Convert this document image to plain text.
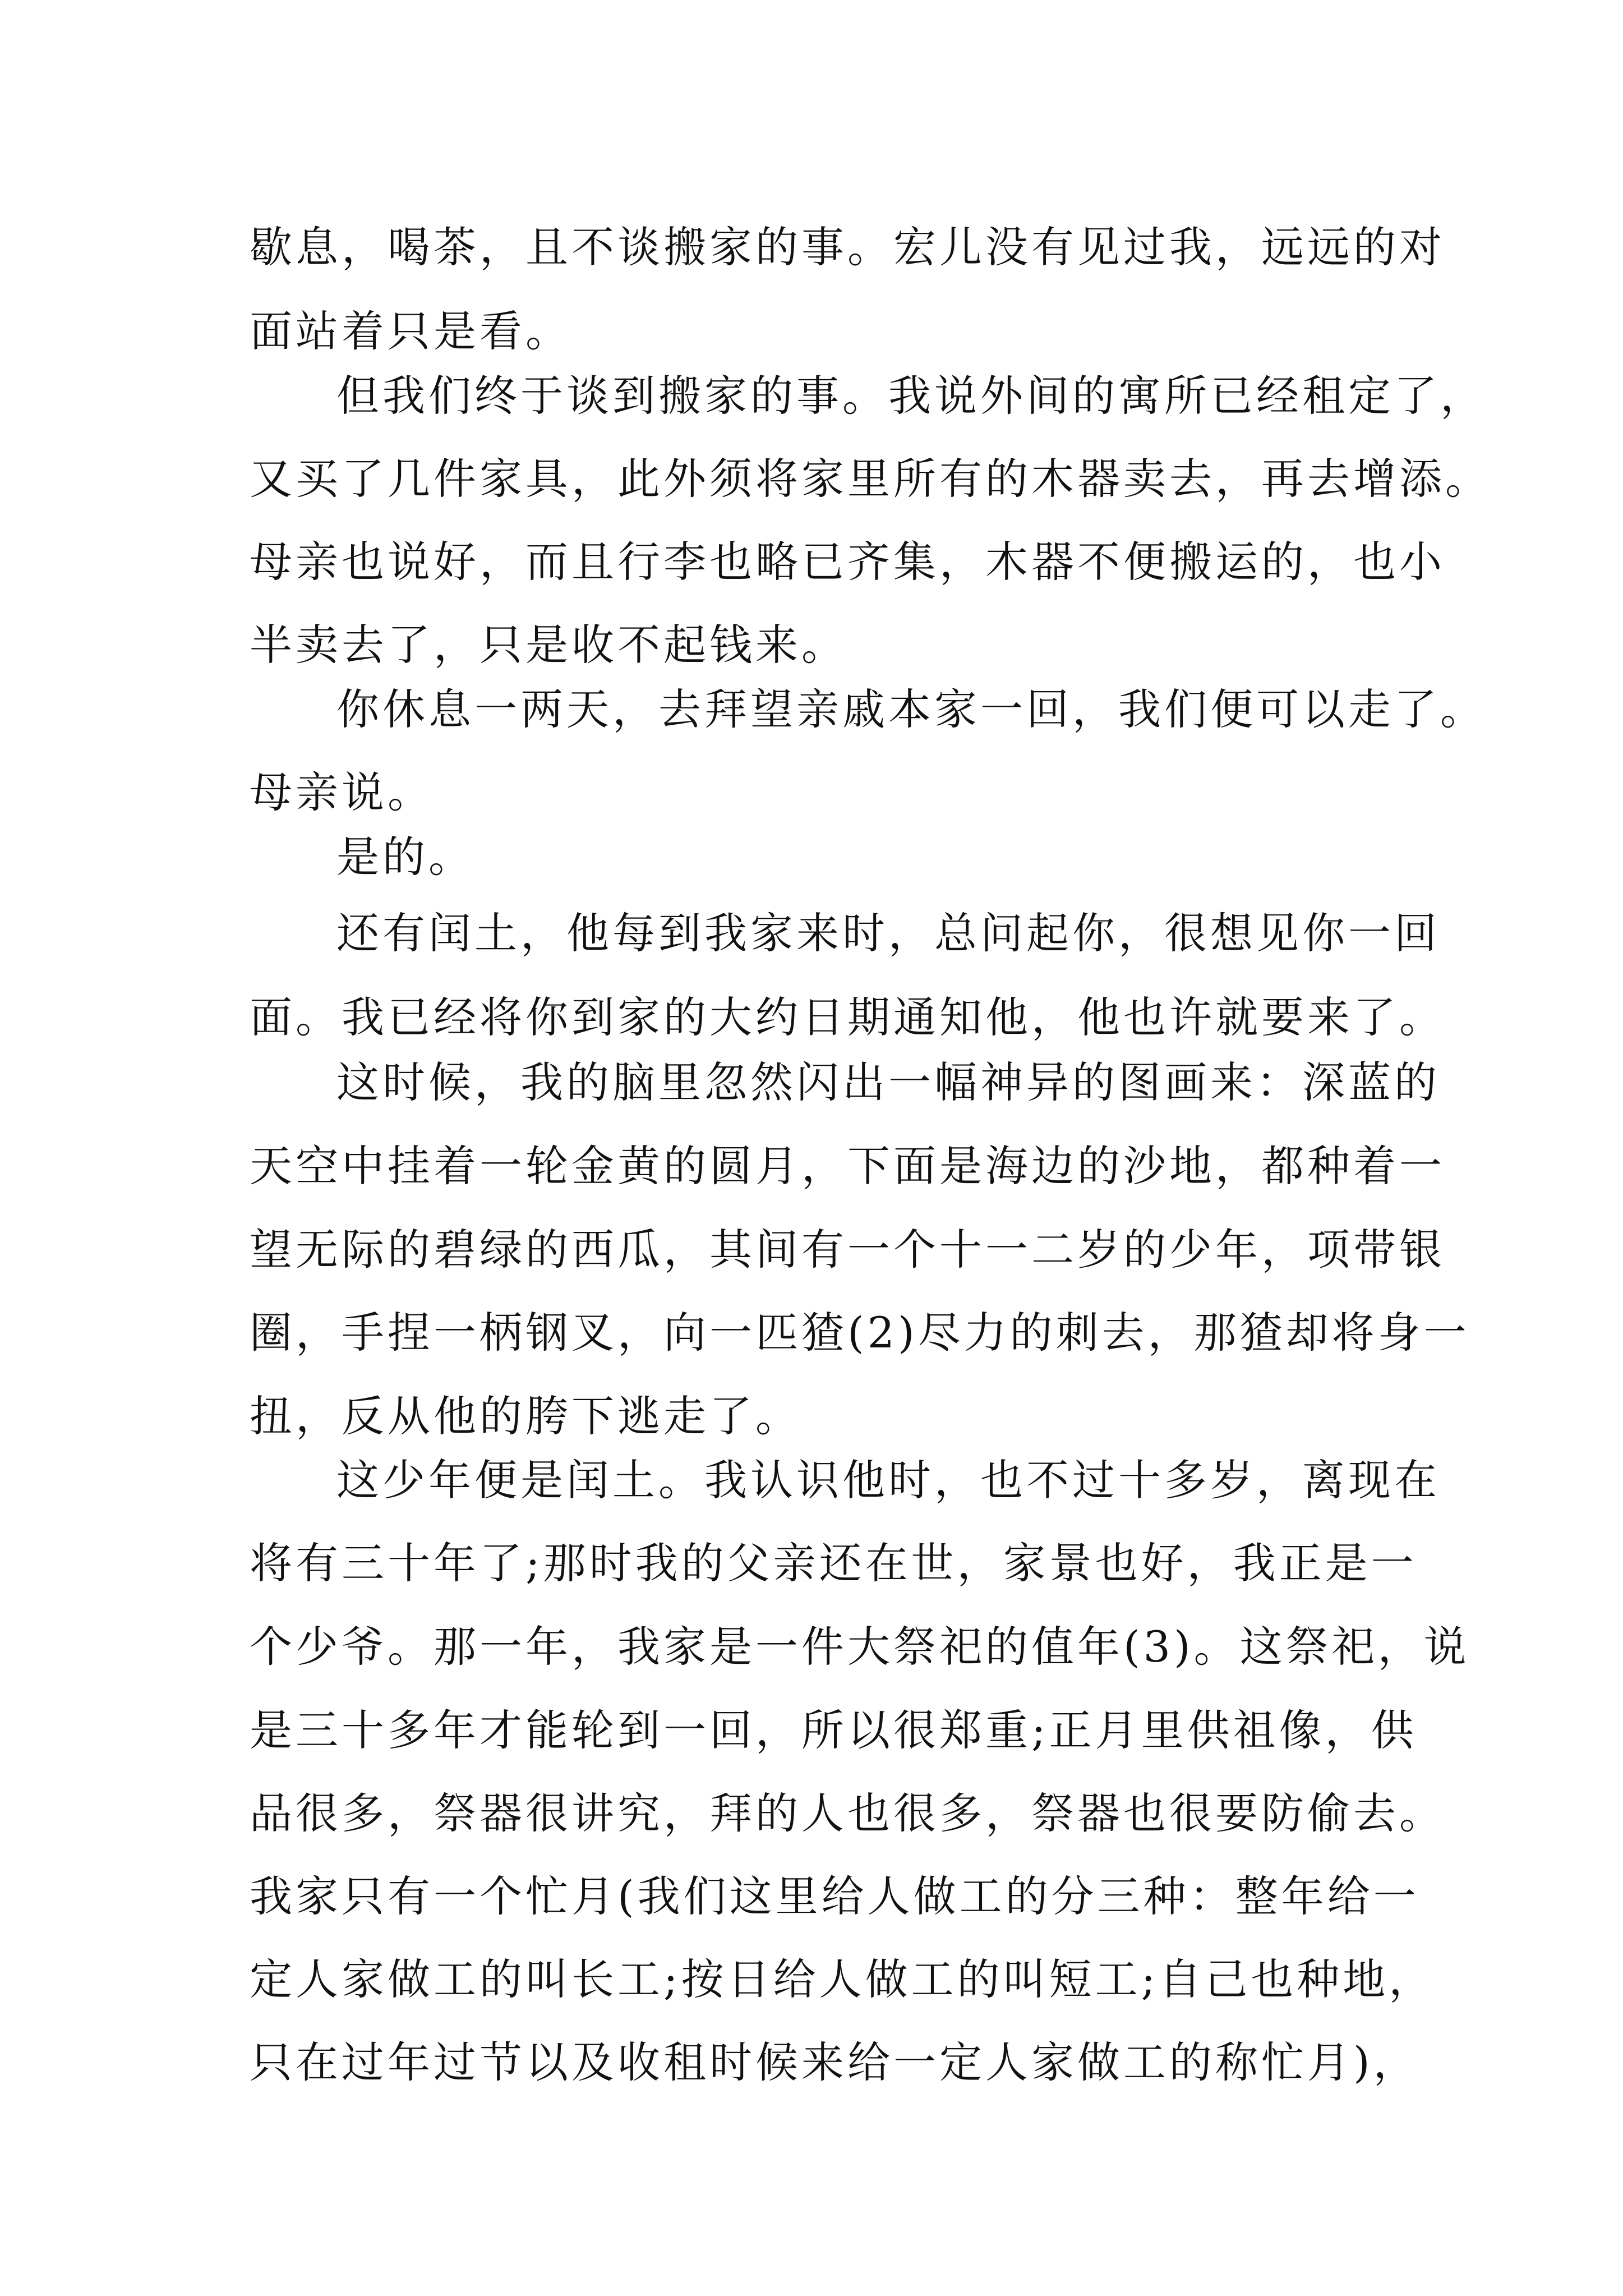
歇息，喝茶，且不谈搬家的事。宏儿没有见过我，远远的对
面站着只是看。
但我们终于谈到搬家的事。我说外间的寓所已经租定了，
又买了几件家具，此外须将家里所有的木器卖去，再去增添。
母亲也说好，而且行李也略已齐集，木器不便搬运的，也小
半卖去了，只是收不起钱来。
你休息一两天，去拜望亲戚本家一回，我们便可以走了。
母亲说。
是的。
还有闰土，他每到我家来时，总问起你，很想见你一回
面。我已经将你到家的大约日期通知他，他也许就要来了。
这时候，我的脑里忽然闪出一幅神异的图画来：深蓝的
天空中挂着一轮金黄的圆月，下面是海边的沙地，都种着一
望无际的碧绿的西瓜，其间有一个十一二岁的少年，项带银
圈，手捏一柄钢叉，向一匹猹(2)尽力的刺去，那猹却将身一
扭，反从他的胯下逃走了。
这少年便是闰土。我认识他时，也不过十多岁，离现在
将有三十年了;那时我的父亲还在世，家景也好，我正是一
个少爷。那一年，我家是一件大祭祀的值年(3)。这祭祀，说
是三十多年才能轮到一回，所以很郑重;正月里供祖像，供
品很多，祭器很讲究，拜的人也很多，祭器也很要防偷去。
我家只有一个忙月(我们这里给人做工的分三种：整年给一
定人家做工的叫长工;按日给人做工的叫短工;自己也种地，
只在过年过节以及收租时候来给一定人家做工的称忙月)，
